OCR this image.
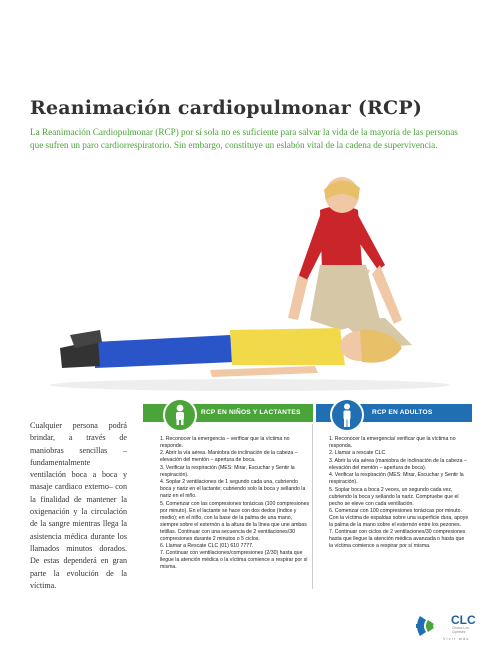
Reanimación cardiopulmonar (RCP)

La Reanimación Cardiopulmonar (RCP) por sí sola no es suficiente para salvar la vida de la mayoría de las personas que sufren un paro cardiorrespiratorio. Sin embargo, constituye un eslabón vital de la cadena de supervivencia.

Cualquier persona podrá brindar, a través de maniobras sencillas –fundamentalmente ventilación boca a boca y masaje cardiaco externo– con la finalidad de mantener la oxigenación y la circulación de la sangre mientras llega la asistencia médica durante los llamados minutos dorados. De estas dependerá en gran parte la evolución de la víctima.

RCP EN NIÑOS Y LACTANTES
1. Reconocer la emergencia – verificar que la víctima no responde.
2. Abrir la vía aérea. Maniobra de inclinación de la cabeza – elevación del mentón – apertura de boca.
3. Verificar la respiración (MES: Mirar, Escuchar y Sentir la respiración).
4. Soplar 2 ventilaciones de 1 segundo cada una, cubriendo boca y nariz en el lactante; cubriendo solo la boca y sellando la nariz en el niño.
5. Comenzar con las compresiones torácicas (100 compresiones por minuto). En el lactante se hace con dos dedos (índice y medio); en el niño, con la base de la palma de una mano, siempre sobre el esternón a la altura de la línea que une ambas tetillas. Continuar con una secuencia de 2 ventilaciones/30 compresiones durante 2 minutos o 5 ciclos.
6. Llamar a Rescate CLC (01) 610 7777.
7. Continuar con ventilaciones/compresiones (2/30) hasta que llegue la atención médica o la víctima comience a respirar por sí misma.
RCP EN ADULTOS
1. Reconocer la emergencia/ verificar que la víctima no responda.
2. Llamar a rescate CLC.
3. Abrir la vía aérea (maniobra de inclinación de la cabeza – elevación del mentón – apertura de boca).
4. Verificar la respiración (MES: Mirar, Escuchar y Sentir la respiración).
5. Soplar boca a boca 2 veces, un segundo cada vez, cubriendo la boca y sellando la nariz. Compruebe que el pecho se eleve con cada ventilación.
6. Comenzar con 100 compresiones torácicas por minuto. Con la víctima de espaldas sobre una superficie dura, apoye la palma de la mano sobre el esternón entre los pezones.
7. Continuar con ciclos de 2 ventilaciones/30 compresiones hasta que llegue la atención médica avanzada o hasta que la víctima comience a respirar por sí misma.
CLC
Clínica Los Cipreses
Vivir más
